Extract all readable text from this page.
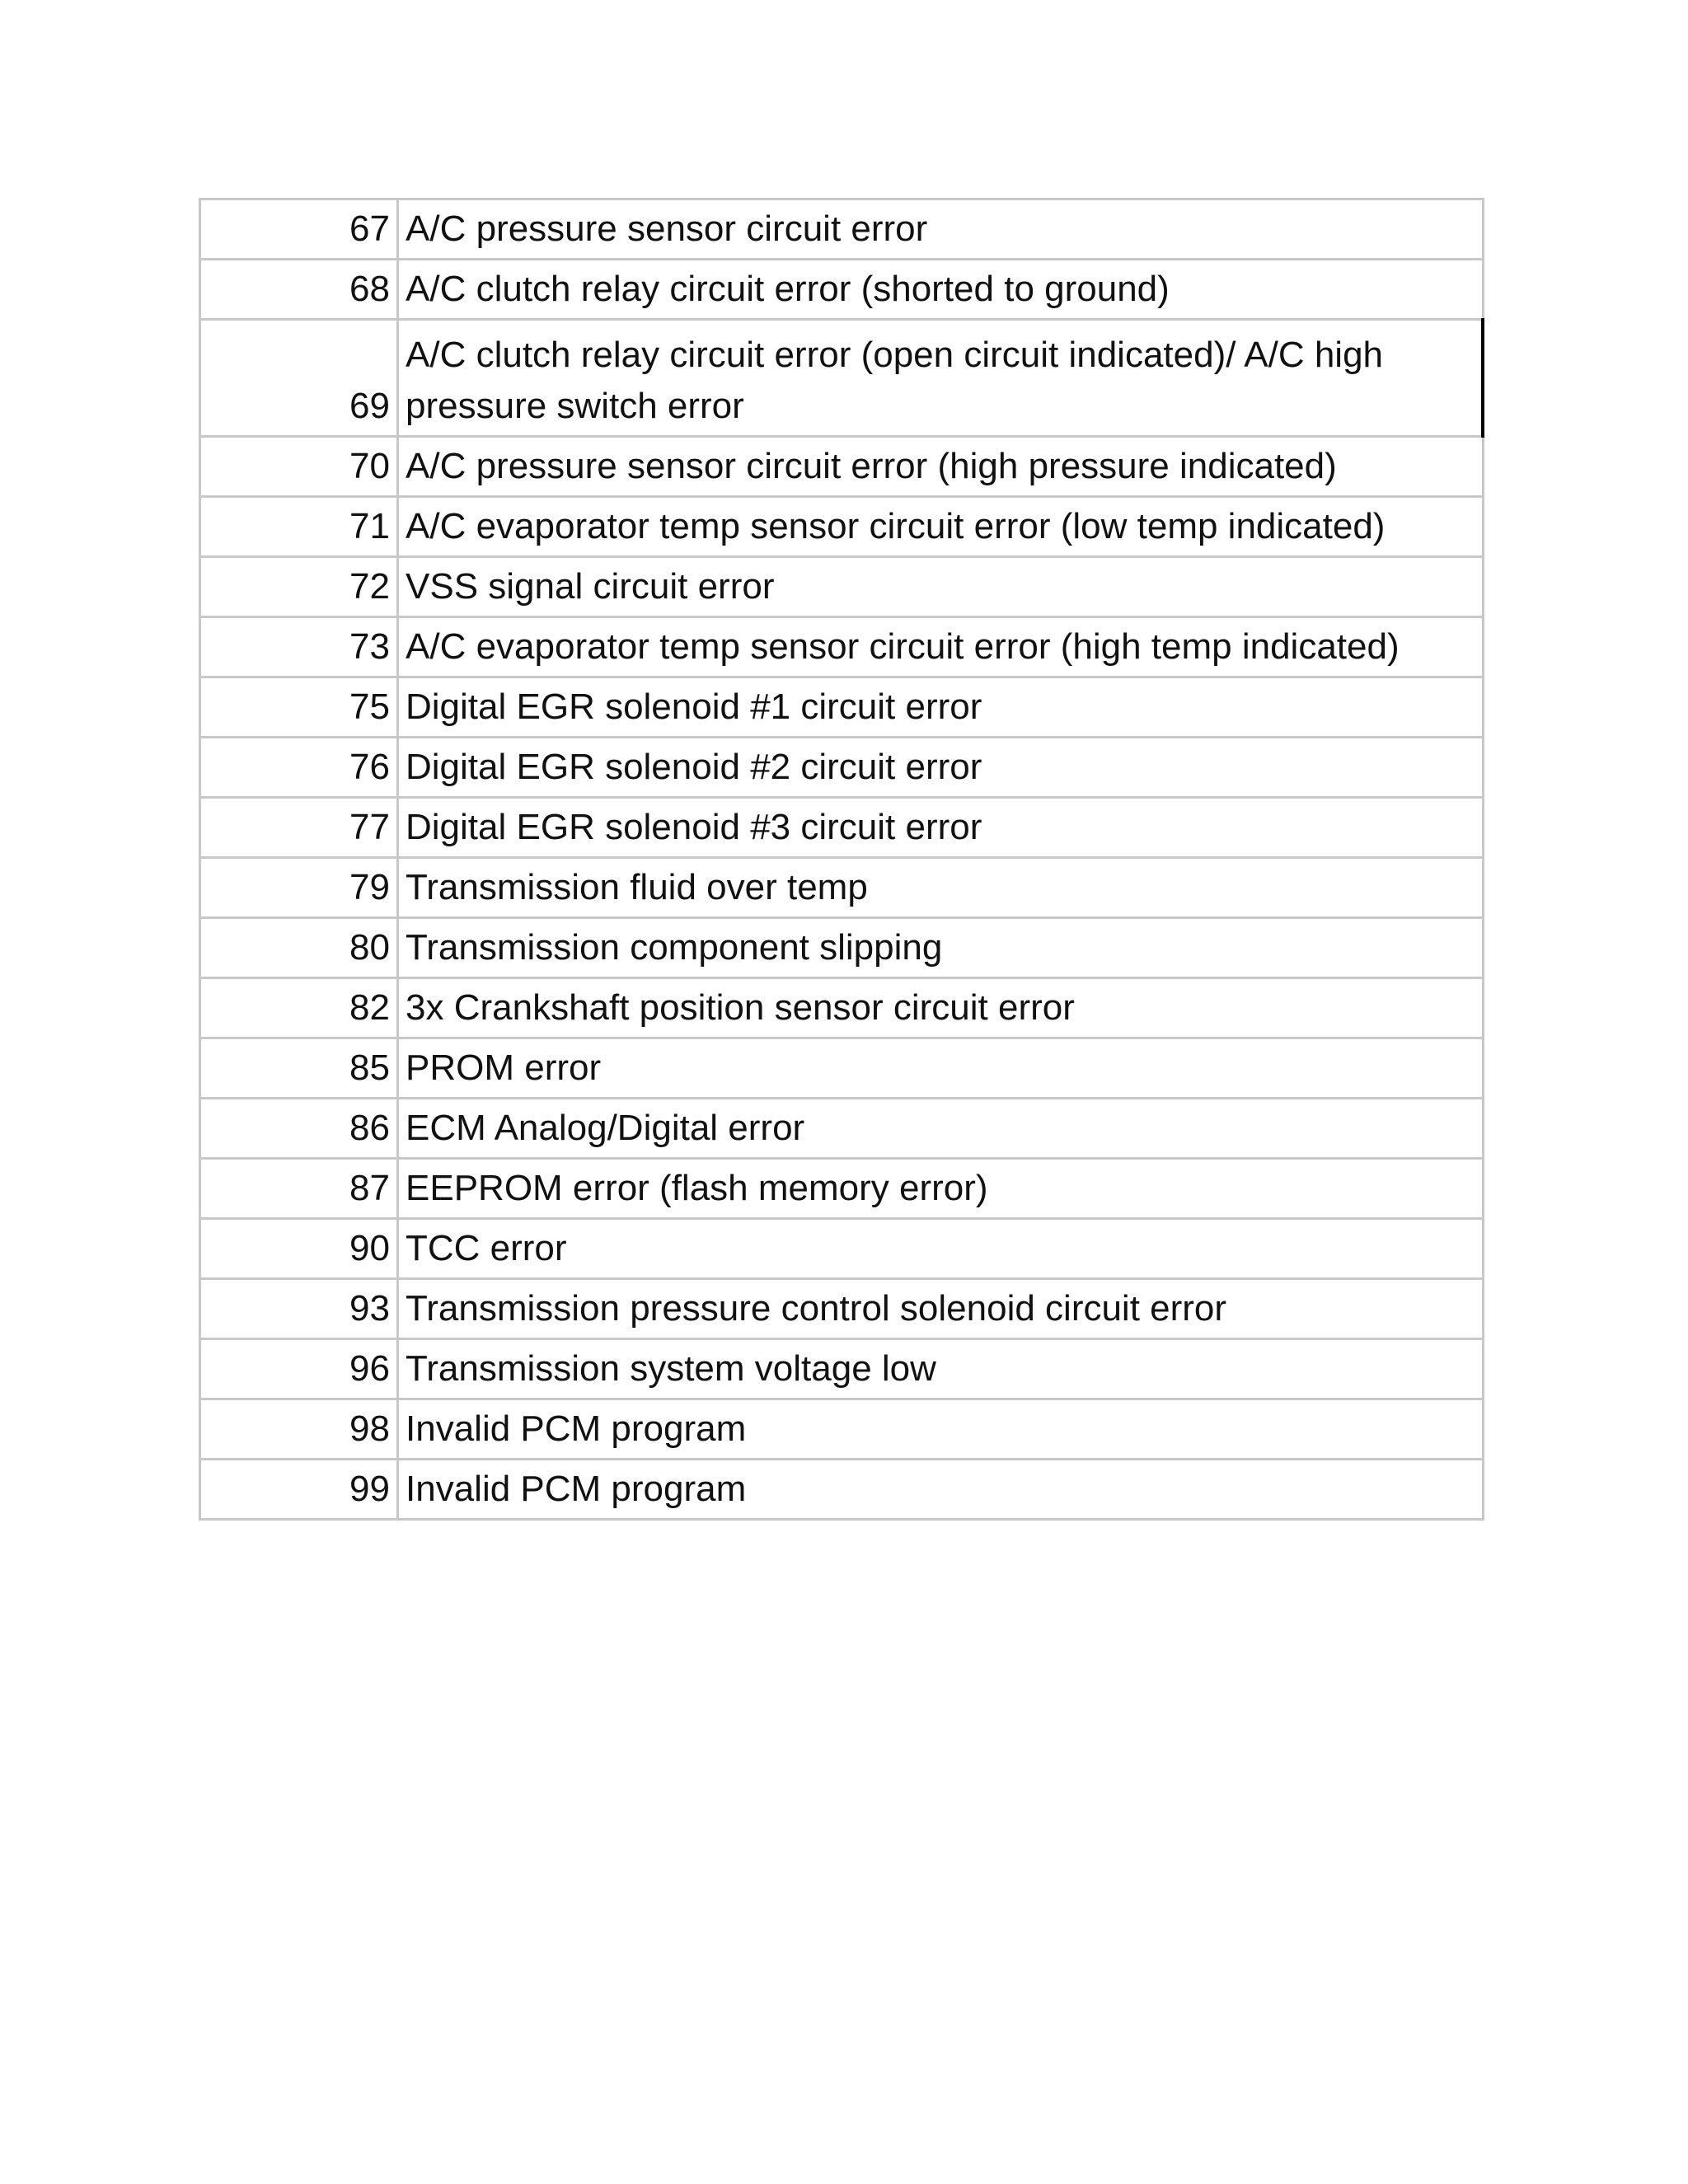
67	A/C pressure sensor circuit error
68	A/C clutch relay circuit error (shorted to ground)
69	A/C clutch relay circuit error (open circuit indicated)/ A/C high pressure switch error
70	A/C pressure sensor circuit error (high pressure indicated)
71	A/C evaporator temp sensor circuit error (low temp indicated)
72	VSS signal circuit error
73	A/C evaporator temp sensor circuit error (high temp indicated)
75	Digital EGR solenoid #1 circuit error
76	Digital EGR solenoid #2 circuit error
77	Digital EGR solenoid #3 circuit error
79	Transmission fluid over temp
80	Transmission component slipping
82	3x Crankshaft position sensor circuit error
85	PROM error
86	ECM Analog/Digital error
87	EEPROM error (flash memory error)
90	TCC error
93	Transmission pressure control solenoid circuit error
96	Transmission system voltage low
98	Invalid PCM program
99	Invalid PCM program
